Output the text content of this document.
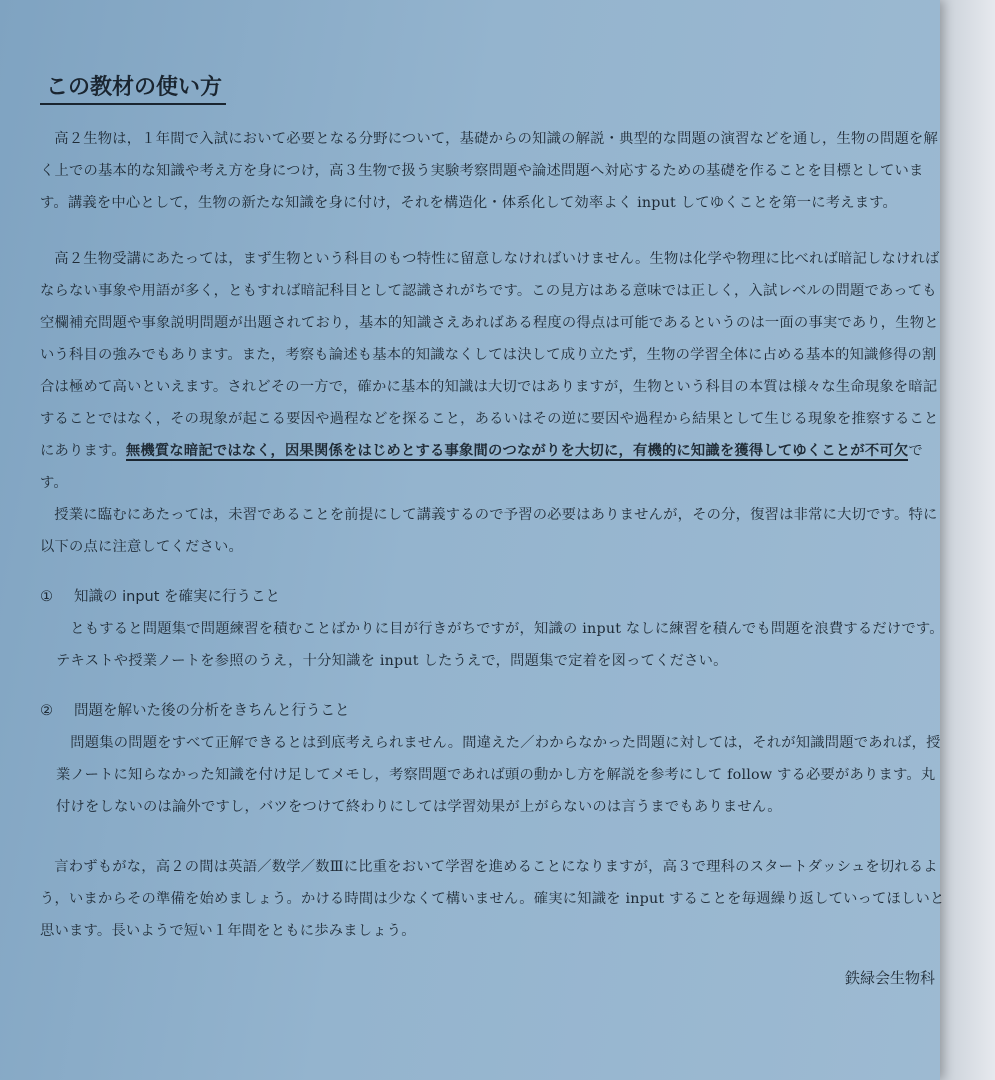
この教材の使い方

高２生物は，１年間で入試において必要となる分野について，基礎からの知識の解説・典型的な問題の演習などを通し，生物の問題を解く上での基本的な知識や考え方を身につけ，高３生物で扱う実験考察問題や論述問題へ対応するための基礎を作ることを目標としています。講義を中心として，生物の新たな知識を身に付け，それを構造化・体系化して効率よく input してゆくことを第一に考えます。

高２生物受講にあたっては，まず生物という科目のもつ特性に留意しなければいけません。生物は化学や物理に比べれば暗記しなければならない事象や用語が多く，ともすれば暗記科目として認識されがちです。この見方はある意味では正しく，入試レベルの問題であっても空欄補充問題や事象説明問題が出題されており，基本的知識さえあればある程度の得点は可能であるというのは一面の事実であり，生物という科目の強みでもあります。また，考察も論述も基本的知識なくしては決して成り立たず，生物の学習全体に占める基本的知識修得の割合は極めて高いといえます。されどその一方で，確かに基本的知識は大切ではありますが，生物という科目の本質は様々な生命現象を暗記することではなく，その現象が起こる要因や過程などを探ること，あるいはその逆に要因や過程から結果として生じる現象を推察することにあります。無機質な暗記ではなく，因果関係をはじめとする事象間のつながりを大切に，有機的に知識を獲得してゆくことが不可欠です。

授業に臨むにあたっては，未習であることを前提にして講義するので予習の必要はありませんが，その分，復習は非常に大切です。特に以下の点に注意してください。

①	知識の input を確実に行うこと

ともすると問題集で問題練習を積むことばかりに目が行きがちですが，知識の input なしに練習を積んでも問題を浪費するだけです。テキストや授業ノートを参照のうえ，十分知識を input したうえで，問題集で定着を図ってください。

②	問題を解いた後の分析をきちんと行うこと

問題集の問題をすべて正解できるとは到底考えられません。間違えた／わからなかった問題に対しては，それが知識問題であれば，授業ノートに知らなかった知識を付け足してメモし，考察問題であれば頭の動かし方を解説を参考にして follow する必要があります。丸付けをしないのは論外ですし，バツをつけて終わりにしては学習効果が上がらないのは言うまでもありません。

言わずもがな，高２の間は英語／数学／数Ⅲに比重をおいて学習を進めることになりますが，高３で理科のスタートダッシュを切れるよう，いまからその準備を始めましょう。かける時間は少なくて構いません。確実に知識を input することを毎週繰り返していってほしいと思います。長いようで短い１年間をともに歩みましょう。

鉄緑会生物科
